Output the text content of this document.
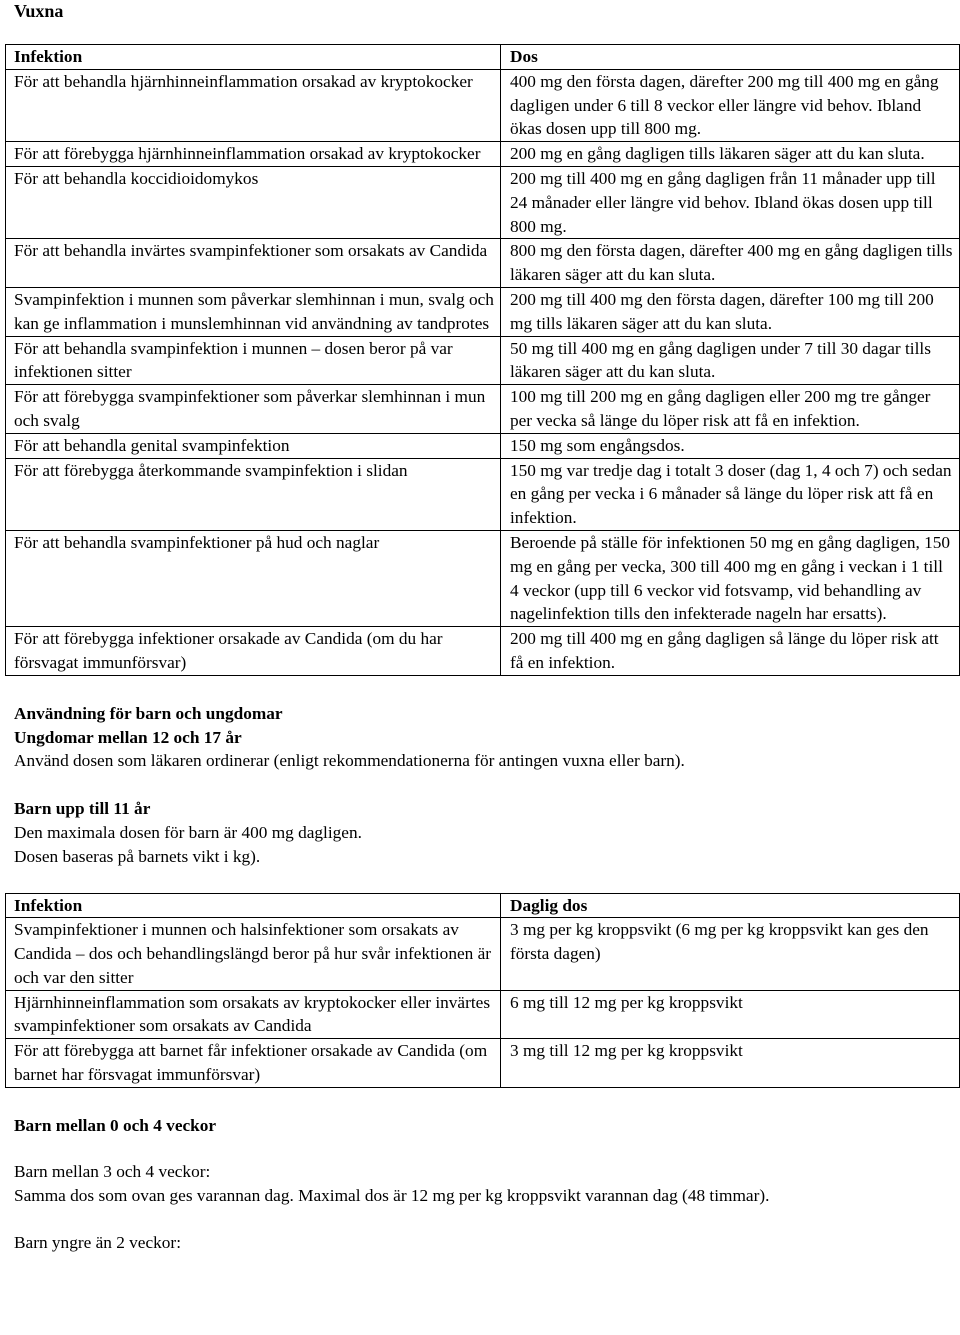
Vuxna
Infektion	Dos
För att behandla hjärnhinneinflammation orsakad av kryptokocker	400 mg den första dagen, därefter 200 mg till 400 mg en gång dagligen under 6 till 8 veckor eller längre vid behov. Ibland ökas dosen upp till 800 mg.
För att förebygga hjärnhinneinflammation orsakad av kryptokocker	200 mg en gång dagligen tills läkaren säger att du kan sluta.
För att behandla koccidioidomykos	200 mg till 400 mg en gång dagligen från 11 månader upp till 24 månader eller längre vid behov. Ibland ökas dosen upp till 800 mg.
För att behandla invärtes svampinfektioner som orsakats av Candida	800 mg den första dagen, därefter 400 mg en gång dagligen tills läkaren säger att du kan sluta.
Svampinfektion i munnen som påverkar slemhinnan i mun, svalg och kan ge inflammation i munslemhinnan vid användning av tandprotes	200 mg till 400 mg den första dagen, därefter 100 mg till 200 mg tills läkaren säger att du kan sluta.
För att behandla svampinfektion i munnen – dosen beror på var infektionen sitter	50 mg till 400 mg en gång dagligen under 7 till 30 dagar tills läkaren säger att du kan sluta.
För att förebygga svampinfektioner som påverkar slemhinnan i mun och svalg	100 mg till 200 mg en gång dagligen eller 200 mg tre gånger per vecka så länge du löper risk att få en infektion.
För att behandla genital svampinfektion	150 mg som engångsdos.
För att förebygga återkommande svampinfektion i slidan	150 mg var tredje dag i totalt 3 doser (dag 1, 4 och 7) och sedan en gång per vecka i 6 månader så länge du löper risk att få en infektion.
För att behandla svampinfektioner på hud och naglar	Beroende på ställe för infektionen 50 mg en gång dagligen, 150 mg en gång per vecka, 300 till 400 mg en gång i veckan i 1 till 4 veckor (upp till 6 veckor vid fotsvamp, vid behandling av nagelinfektion tills den infekterade nageln har ersatts).
För att förebygga infektioner orsakade av Candida (om du har försvagat immunförsvar)	200 mg till 400 mg en gång dagligen så länge du löper risk att få en infektion.

Användning för barn och ungdomar

Ungdomar mellan 12 och 17 år

Använd dosen som läkaren ordinerar (enligt rekommendationerna för antingen vuxna eller barn).

Barn upp till 11 år

Den maximala dosen för barn är 400 mg dagligen.

Dosen baseras på barnets vikt i kg).

Infektion	Daglig dos
Svampinfektioner i munnen och halsinfektioner som orsakats av Candida – dos och behandlingslängd beror på hur svår infektionen är och var den sitter	3 mg per kg kroppsvikt (6 mg per kg kroppsvikt kan ges den första dagen)
Hjärnhinneinflammation som orsakats av kryptokocker eller invärtes svampinfektioner som orsakats av Candida	6 mg till 12 mg per kg kroppsvikt
För att förebygga att barnet får infektioner orsakade av Candida (om barnet har försvagat immunförsvar)	3 mg till 12 mg per kg kroppsvikt

Barn mellan 0 och 4 veckor

Barn mellan 3 och 4 veckor:

Samma dos som ovan ges varannan dag. Maximal dos är 12 mg per kg kroppsvikt varannan dag (48 timmar).

Barn yngre än 2 veckor:
